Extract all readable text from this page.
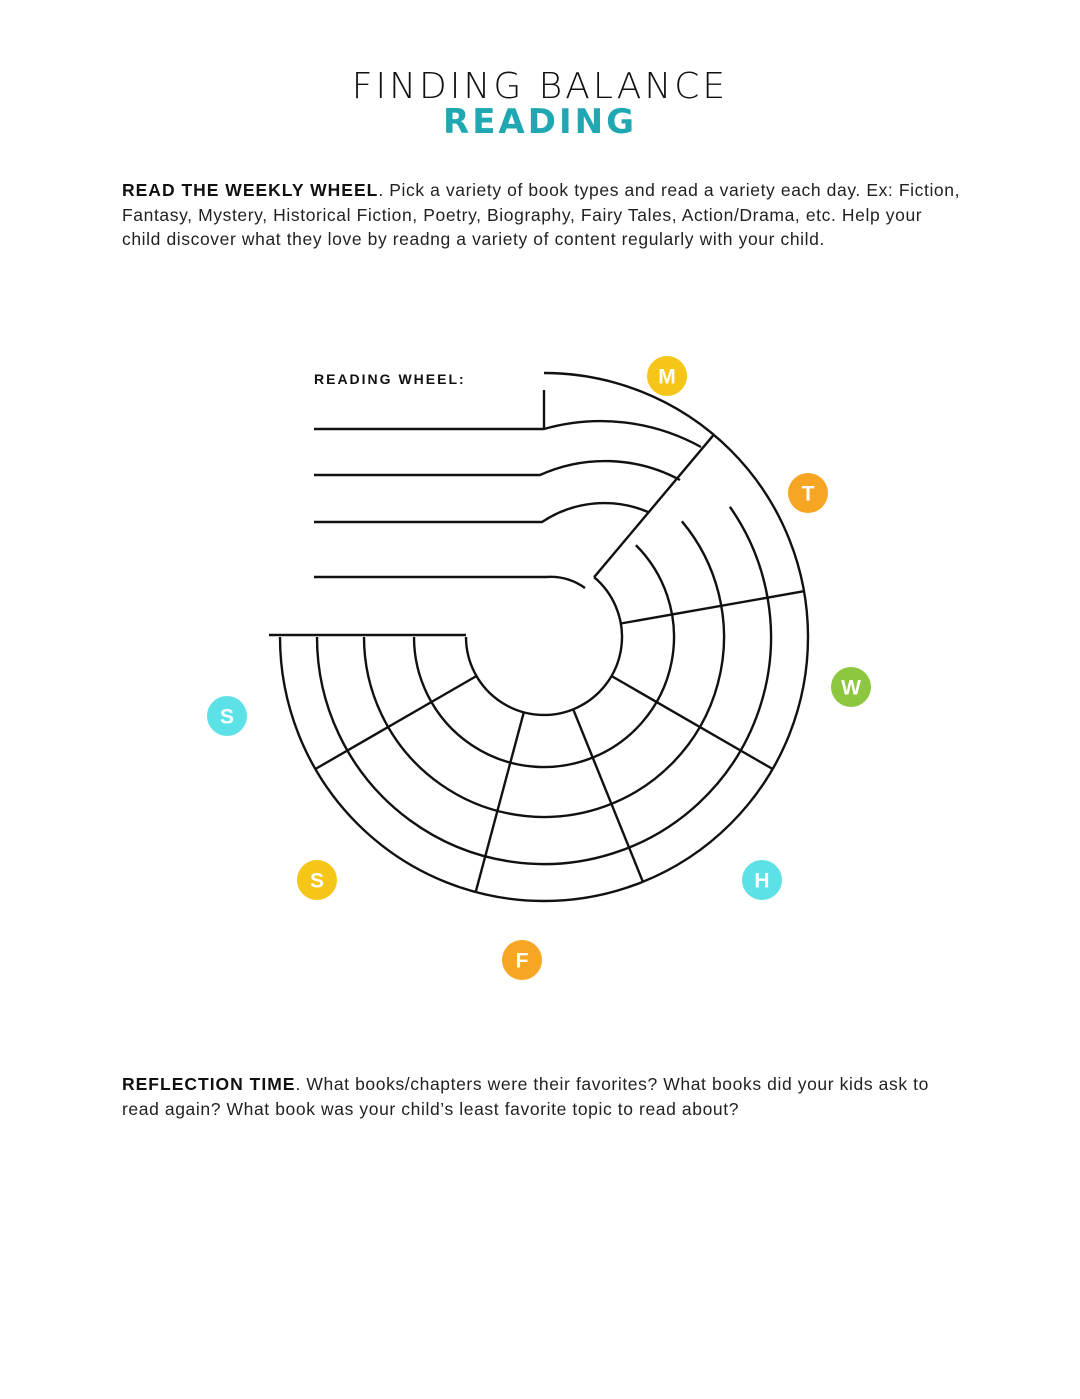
FINDING BALANCE
READING
READ THE WEEKLY WHEEL. Pick a variety of book types and read a variety each day. Ex: Fiction, Fantasy, Mystery, Historical Fiction, Poetry, Biography, Fairy Tales, Action/Drama, etc. Help your child discover what they love by readng a variety of content regularly with your child.
READING WHEEL:	M
T
W
H
F
S
S
REFLECTION TIME. What books/chapters were their favorites? What books did your kids ask to read again? What book was your child’s least favorite topic to read about?
